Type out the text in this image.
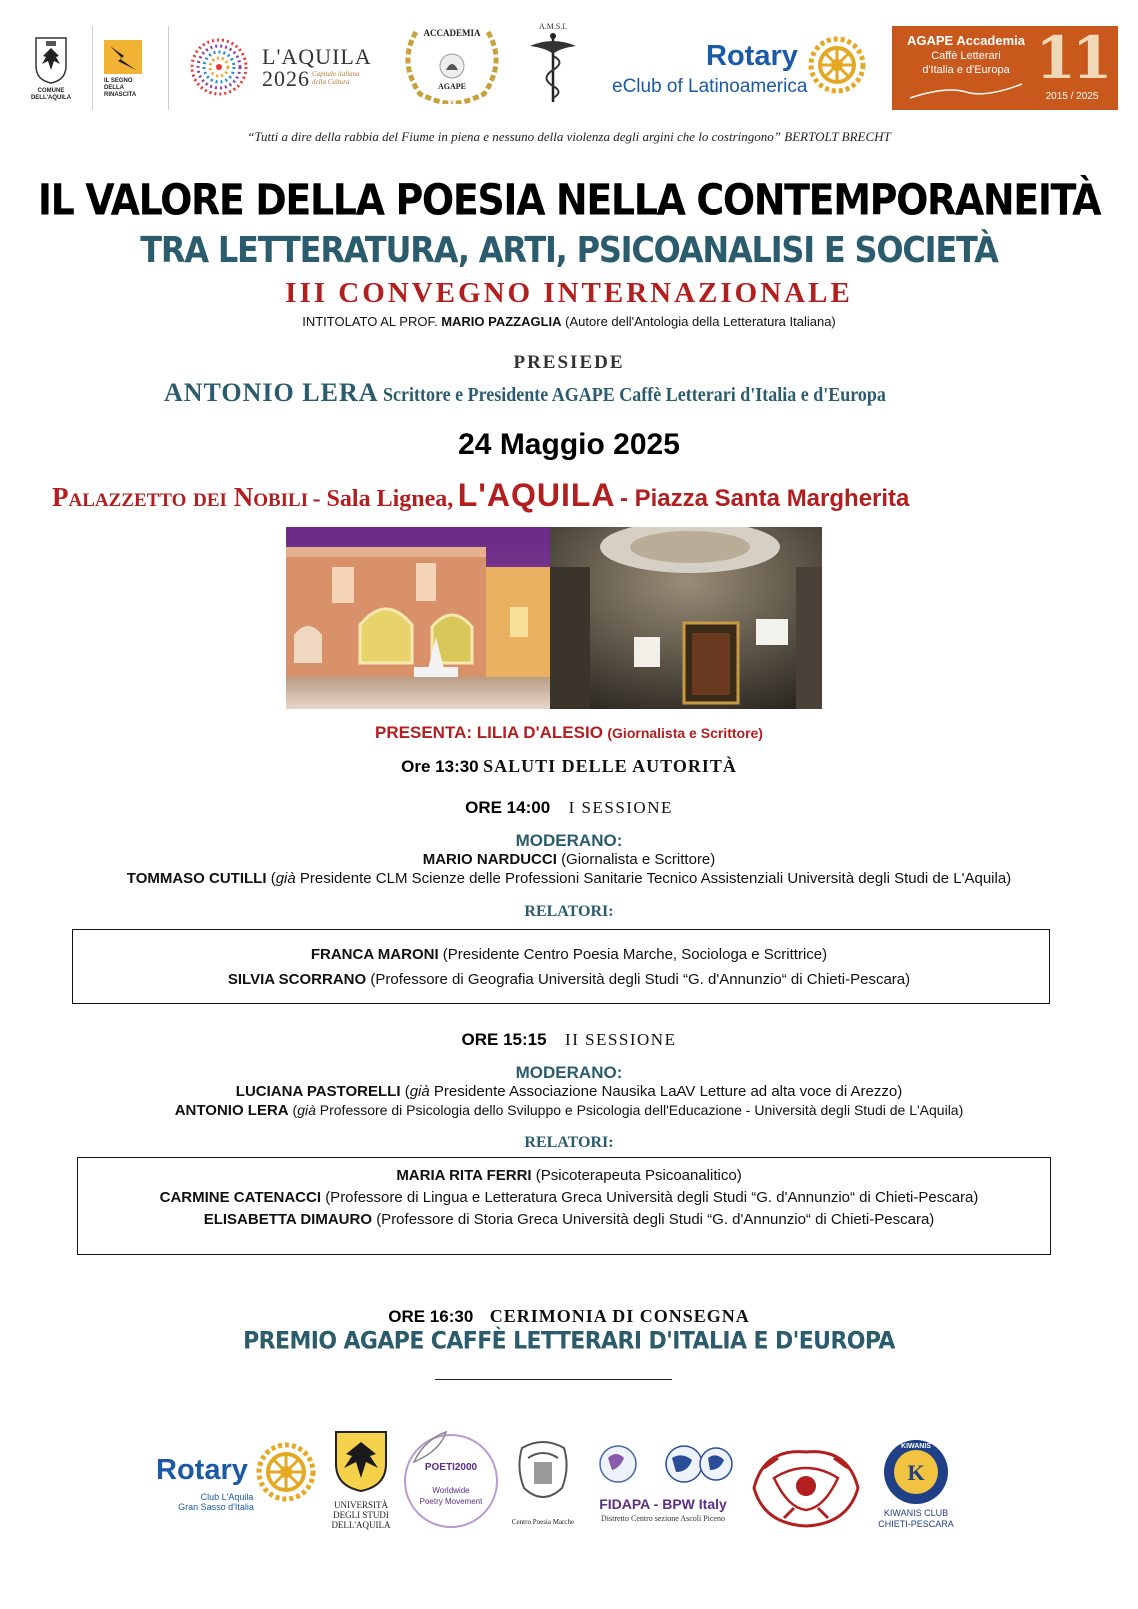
COMUNE DELL'AQUILA
IL SEGNO DELLA RINASCITA
L'AQUILA
2026 Capitale italiana della Cultura
ACCADEMIA
AGAPE
A.M.S.I.
Rotary
eClub of Latinoamerica
AGAPE Accademia
Caffè Letterari
d'Italia e d'Europa 11
2015 / 2025
“Tutti a dire della rabbia del Fiume in piena e nessuno della violenza degli argini che lo costringono” BERTOLT BRECHT
IL VALORE DELLA POESIA NELLA CONTEMPORANEITÀ
TRA LETTERATURA, ARTI, PSICOANALISI E SOCIETÀ
III CONVEGNO INTERNAZIONALE
INTITOLATO AL PROF. MARIO PAZZAGLIA (Autore dell'Antologia della Letteratura Italiana)
PRESIEDE
ANTONIO LERA Scrittore e Presidente AGAPE Caffè Letterari d'Italia e d'Europa
24 Maggio 2025
Palazzetto dei Nobili - Sala Lignea, L'AQUILA - Piazza Santa Margherita
PRESENTA: LILIA D'ALESIO (Giornalista e Scrittore)
Ore 13:30 SALUTI DELLE AUTORITÀ
ORE 14:00 I SESSIONE
MODERANO:
MARIO NARDUCCI (Giornalista e Scrittore)
TOMMASO CUTILLI (già Presidente CLM Scienze delle Professioni Sanitarie Tecnico Assistenziali Università degli Studi de L'Aquila)
RELATORI:
FRANCA MARONI (Presidente Centro Poesia Marche, Sociologa e Scrittrice)
SILVIA SCORRANO (Professore di Geografia Università degli Studi “G. d'Annunzio“ di Chieti-Pescara)
ORE 15:15 II SESSIONE
MODERANO:
LUCIANA PASTORELLI (già Presidente Associazione Nausika LaAV Letture ad alta voce di Arezzo)
ANTONIO LERA (già Professore di Psicologia dello Sviluppo e Psicologia dell'Educazione - Università degli Studi de L'Aquila)
RELATORI:
MARIA RITA FERRI (Psicoterapeuta Psicoanalitico)
CARMINE CATENACCI (Professore di Lingua e Letteratura Greca Università degli Studi “G. d'Annunzio“ di Chieti-Pescara)
ELISABETTA DIMAURO (Professore di Storia Greca Università degli Studi “G. d'Annunzio“ di Chieti-Pescara)
ORE 16:30 CERIMONIA DI CONSEGNA
PREMIO AGAPE CAFFÈ LETTERARI D'ITALIA E D'EUROPA
Rotary
Club L'Aquila
Gran Sasso d'Italia	UNIVERSITÀ DEGLI STUDI DELL'AQUILA
POETI2000
Worldwide
Poetry Movement
Centro Poesia Marche
FIDAPA - BPW Italy
Distretto Centro sezione Ascoli Piceno
K
KIWANIS
KIWANIS CLUB
CHIETI-PESCARA
